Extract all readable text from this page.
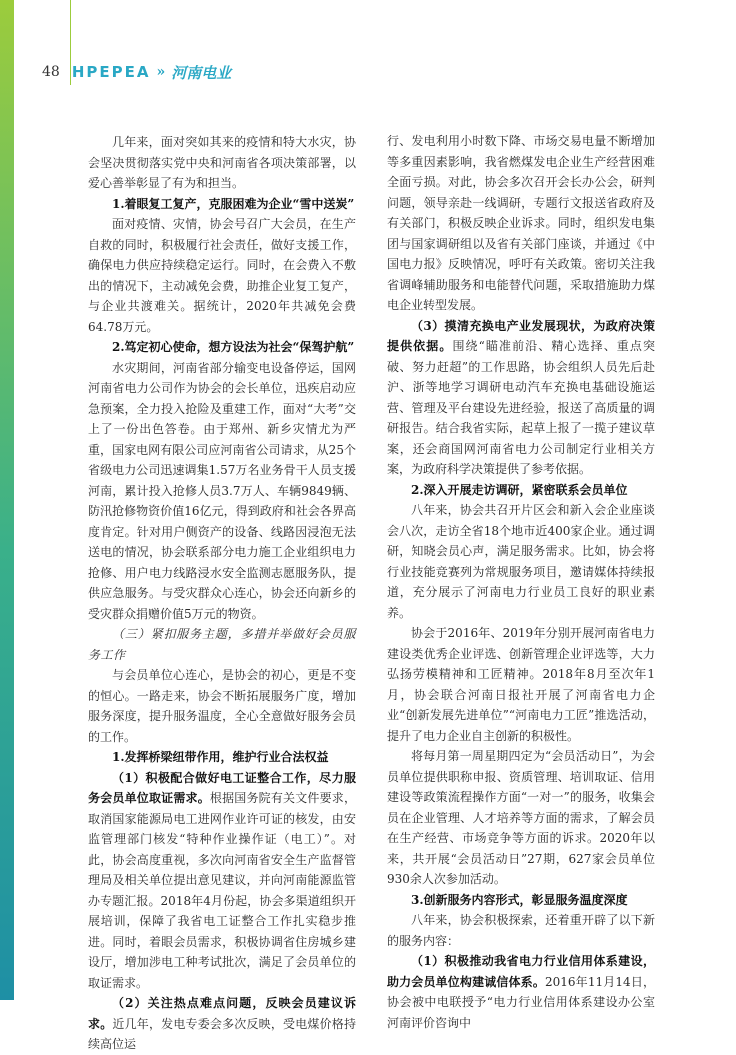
48 HPEPEA » 河南电业

几年来，面对突如其来的疫情和特大水灾，协会坚决贯彻落实党中央和河南省各项决策部署，以爱心善举彰显了有为和担当。

1.着眼复工复产，克服困难为企业“雪中送炭”

面对疫情、灾情，协会号召广大会员，在生产自救的同时，积极履行社会责任，做好支援工作，确保电力供应持续稳定运行。同时，在会费入不敷出的情况下，主动减免会费，助推企业复工复产，与企业共渡难关。据统计，2020年共减免会费64.78万元。

2.笃定初心使命，想方设法为社会“保驾护航”

水灾期间，河南省部分输变电设备停运，国网河南省电力公司作为协会的会长单位，迅疾启动应急预案，全力投入抢险及重建工作，面对“大考”交上了一份出色答卷。由于郑州、新乡灾情尤为严重，国家电网有限公司应河南省公司请求，从25个省级电力公司迅速调集1.57万名业务骨干人员支援河南，累计投入抢修人员3.7万人、车辆9849辆、防汛抢修物资价值16亿元，得到政府和社会各界高度肯定。针对用户侧资产的设备、线路因浸泡无法送电的情况，协会联系部分电力施工企业组织电力抢修、用户电力线路浸水安全监测志愿服务队，提供应急服务。与受灾群众心连心，协会还向新乡的受灾群众捐赠价值5万元的物资。

（三）紧扣服务主题，多措并举做好会员服务工作

与会员单位心连心，是协会的初心，更是不变的恒心。一路走来，协会不断拓展服务广度，增加服务深度，提升服务温度，全心全意做好服务会员的工作。

1.发挥桥梁纽带作用，维护行业合法权益

（1）积极配合做好电工证整合工作，尽力服务会员单位取证需求。根据国务院有关文件要求，取消国家能源局电工进网作业许可证的核发，由安监管理部门核发“特种作业操作证（电工）”。对此，协会高度重视，多次向河南省安全生产监督管理局及相关单位提出意见建议，并向河南能源监管办专题汇报。2018年4月份起，协会多渠道组织开展培训，保障了我省电工证整合工作扎实稳步推进。同时，着眼会员需求，积极协调省住房城乡建设厅，增加涉电工种考试批次，满足了会员单位的取证需求。

（2）关注热点难点问题，反映会员建议诉求。近几年，发电专委会多次反映，受电煤价格持续高位运

行、发电利用小时数下降、市场交易电量不断增加等多重因素影响，我省燃煤发电企业生产经营困难全面亏损。对此，协会多次召开会长办公会，研判问题，领导亲赴一线调研，专题行文报送省政府及有关部门，积极反映企业诉求。同时，组织发电集团与国家调研组以及省有关部门座谈，并通过《中国电力报》反映情况，呼吁有关政策。密切关注我省调峰辅助服务和电能替代问题，采取措施助力煤电企业转型发展。

（3）摸清充换电产业发展现状，为政府决策提供依据。围绕“瞄准前沿、精心选择、重点突破、努力赶超”的工作思路，协会组织人员先后赴沪、浙等地学习调研电动汽车充换电基础设施运营、管理及平台建设先进经验，报送了高质量的调研报告。结合我省实际，起草上报了一揽子建议草案，还会商国网河南省电力公司制定行业相关方案，为政府科学决策提供了参考依据。

2.深入开展走访调研，紧密联系会员单位

八年来，协会共召开片区会和新入会企业座谈会八次，走访全省18个地市近400家企业。通过调研，知晓会员心声，满足服务需求。比如，协会将行业技能竞赛列为常规服务项目，邀请媒体持续报道，充分展示了河南电力行业员工良好的职业素养。

协会于2016年、2019年分别开展河南省电力建设类优秀企业评选、创新管理企业评选等，大力弘扬劳模精神和工匠精神。2018年8月至次年1月，协会联合河南日报社开展了河南省电力企业“创新发展先进单位”“河南电力工匠”推选活动，提升了电力企业自主创新的积极性。

将每月第一周星期四定为“会员活动日”，为会员单位提供职称申报、资质管理、培训取证、信用建设等政策流程操作方面“一对一”的服务，收集会员在企业管理、人才培养等方面的需求，了解会员在生产经营、市场竞争等方面的诉求。2020年以来，共开展“会员活动日”27期，627家会员单位930余人次参加活动。

3.创新服务内容形式，彰显服务温度深度

八年来，协会积极探索，还着重开辟了以下新的服务内容：

（1）积极推动我省电力行业信用体系建设，助力会员单位构建诚信体系。2016年11月14日，协会被中电联授予“电力行业信用体系建设办公室河南评价咨询中
